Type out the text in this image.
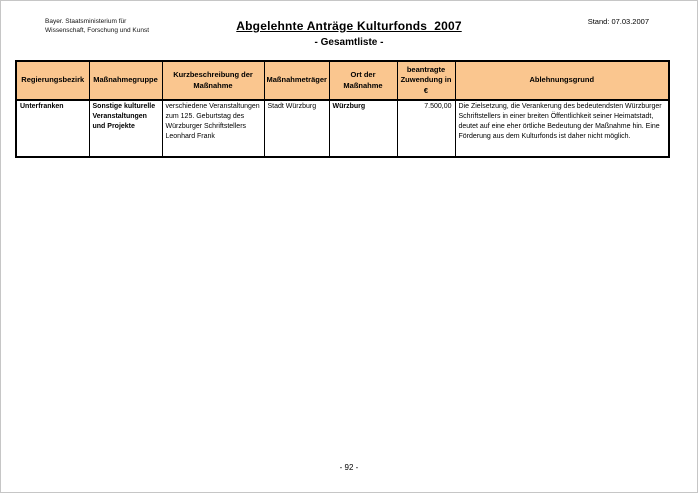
Bayer. Staatsministerium für
Wissenschaft, Forschung und Kunst	Abgelehnte Anträge Kulturfonds  2007
- Gesamtliste -
Stand: 07.03.2007
Regierungsbezirk	Maßnahmegruppe	Kurzbeschreibung der Maßnahme	Maßnahmeträger	Ort der Maßnahme	beantragte Zuwendung in €	Ablehnungsgrund
Unterfranken	Sonstige kulturelle Veranstaltungen und Projekte	verschiedene Veranstaltungen zum 125. Geburtstag des Würzburger Schriftstellers Leonhard Frank	Stadt Würzburg	Würzburg	7.500,00	Die Zielsetzung, die Verankerung des bedeutendsten Würzburger Schriftstellers in einer breiten Öffentlichkeit seiner Heimatstadt, deutet auf eine eher örtliche Bedeutung der Maßnahme hin. Eine Förderung aus dem Kulturfonds ist daher nicht möglich.
- 92 -
